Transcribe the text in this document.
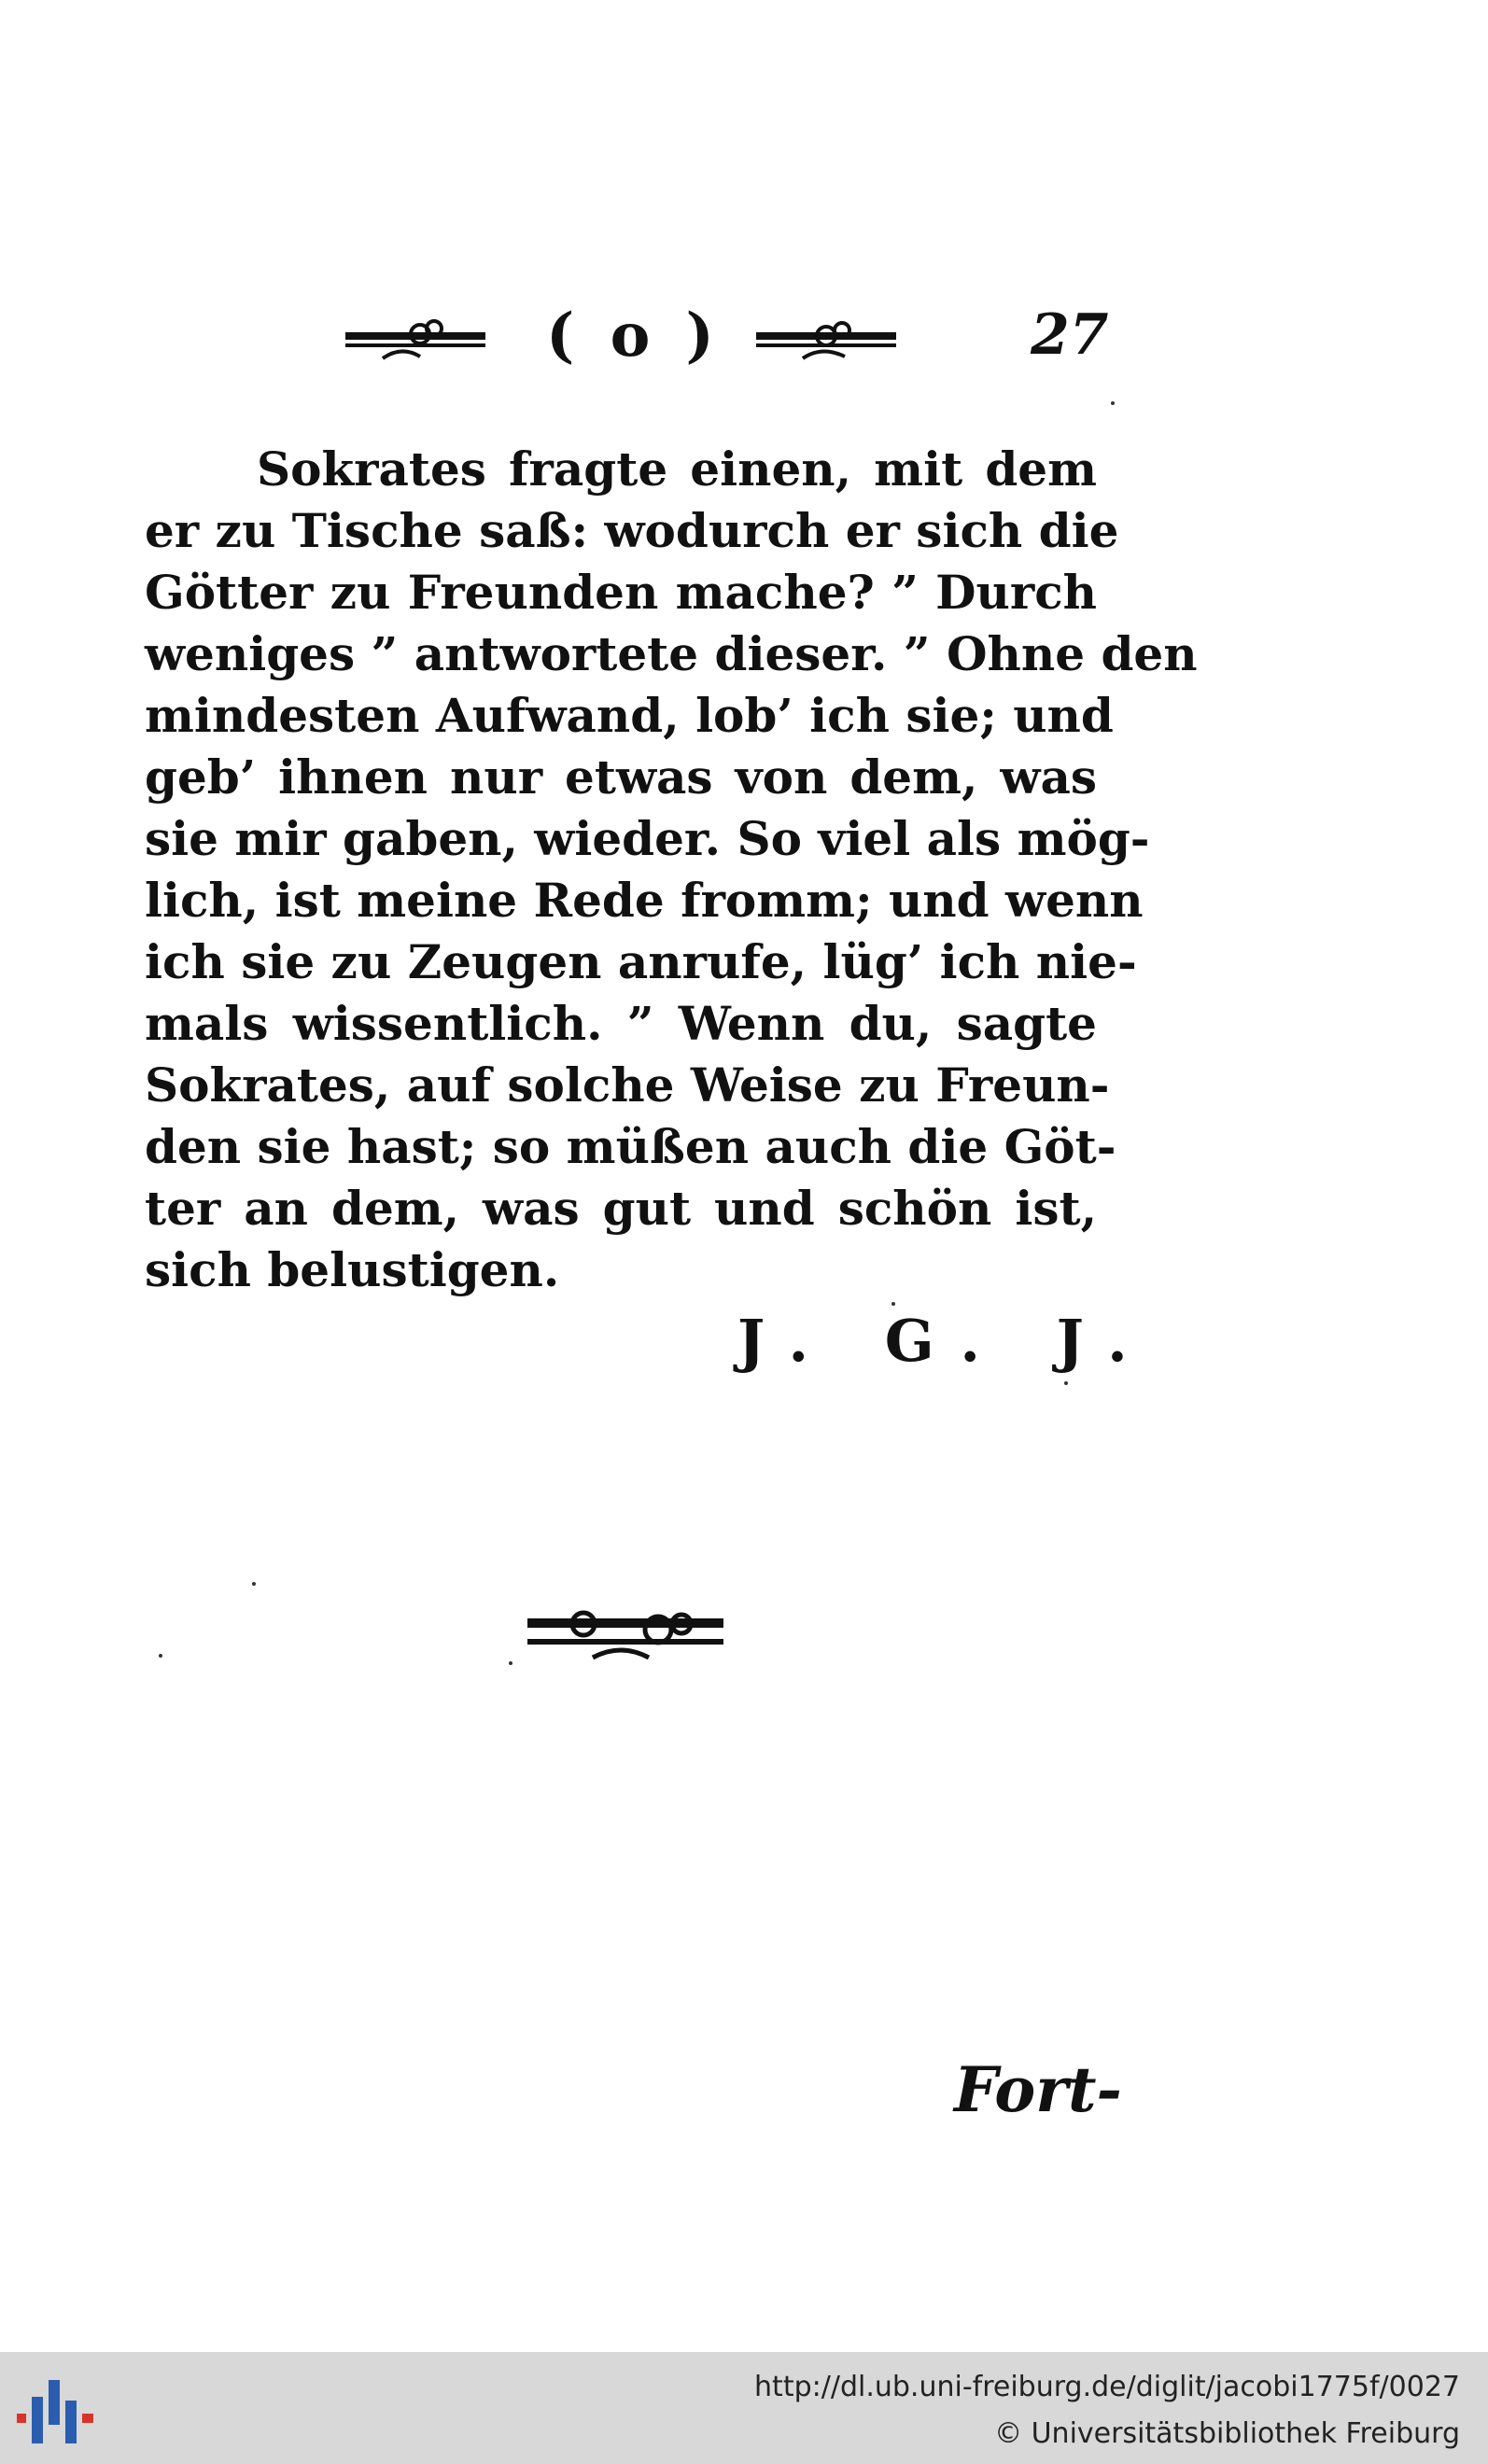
( o )	27
Sokrates fragte einen, mit dem
er zu Tische saß: wodurch er sich die
Götter zu Freunden mache? ” Durch
weniges ” antwortete dieser. ” Ohne den
mindesten Aufwand, lob’ ich sie; und
geb’ ihnen nur etwas von dem, was
sie mir gaben, wieder. So viel als mög-
lich, ist meine Rede fromm; und wenn
ich sie zu Zeugen anrufe, lüg’ ich nie-
mals wissentlich. ” Wenn du, sagte
Sokrates, auf solche Weise zu Freun-
den sie hast; so müßen auch die Göt-
ter an dem, was gut und schön ist,
sich belustigen.
J. G. J.
Fort-
http://dl.ub.uni-freiburg.de/diglit/jacobi1775f/0027
© Universitätsbibliothek Freiburg
